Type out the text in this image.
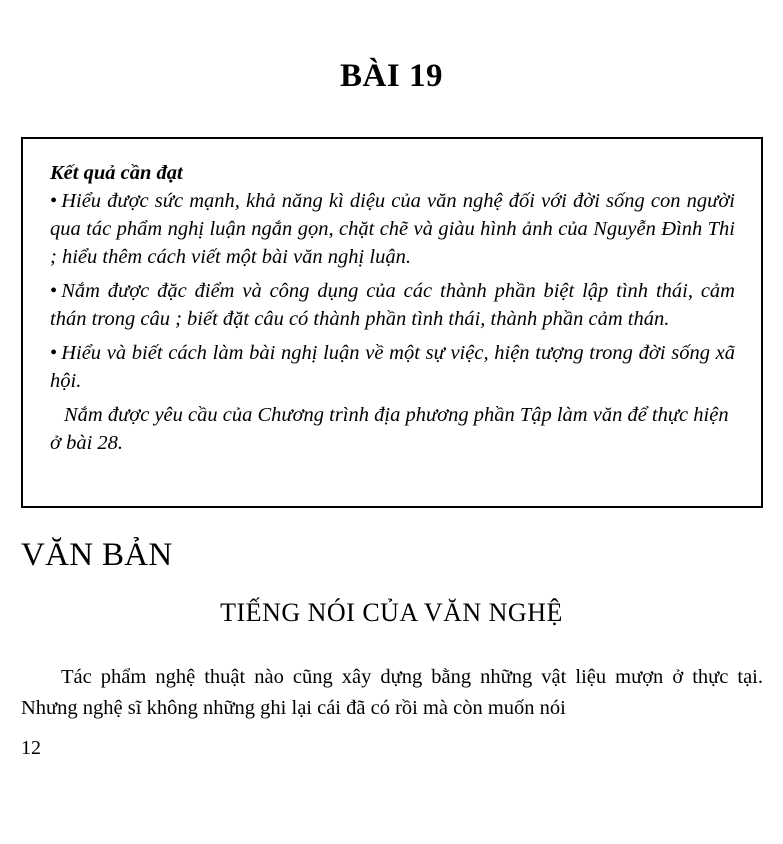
BÀI 19
Kết quả cần đạt
• Hiểu được sức mạnh, khả năng kì diệu của văn nghệ đối với đời sống con người qua tác phẩm nghị luận ngắn gọn, chặt chẽ và giàu hình ảnh của Nguyễn Đình Thi ; hiểu thêm cách viết một bài văn nghị luận.
• Nắm được đặc điểm và công dụng của các thành phần biệt lập tình thái, cảm thán trong câu ; biết đặt câu có thành phần tình thái, thành phần cảm thán.
• Hiểu và biết cách làm bài nghị luận về một sự việc, hiện tượng trong đời sống xã hội.
Nắm được yêu cầu của Chương trình địa phương phần Tập làm văn để thực hiện ở bài 28.
VĂN BẢN
TIẾNG NÓI CỦA VĂN NGHỆ

Tác phẩm nghệ thuật nào cũng xây dựng bằng những vật liệu mượn ở thực tại. Nhưng nghệ sĩ không những ghi lại cái đã có rồi mà còn muốn nói

12
